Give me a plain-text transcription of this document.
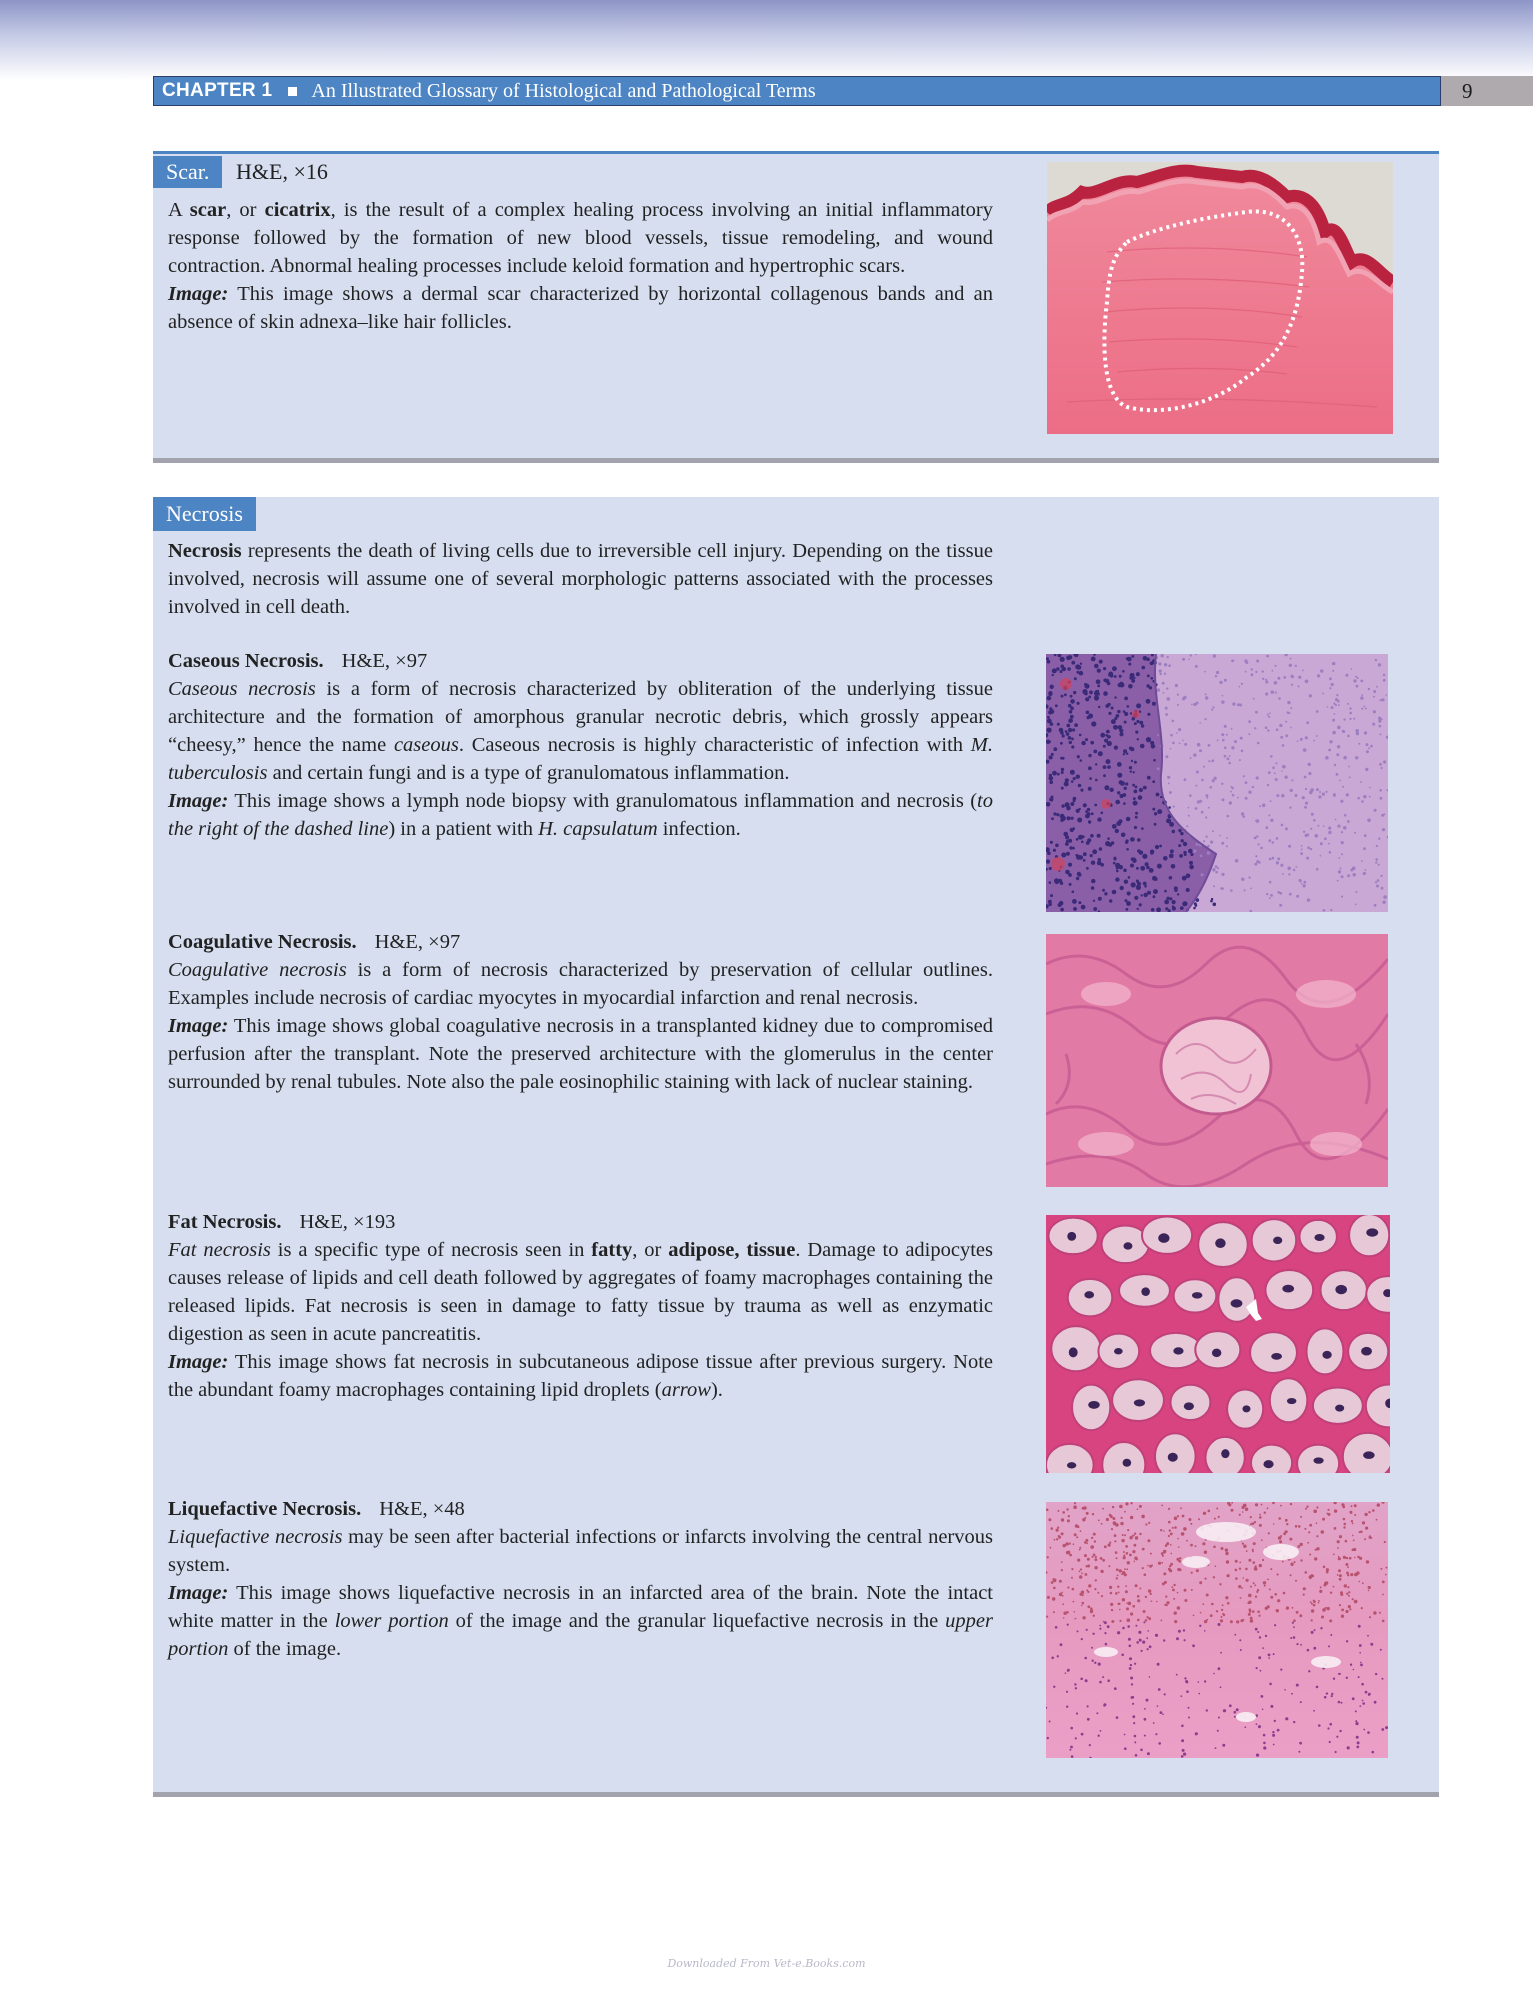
CHAPTER 1 An Illustrated Glossary of Histological and Pathological Terms	9
Scar.	H&E, ×16

A scar, or cicatrix, is the result of a complex healing process involving an initial inflammatory response followed by the formation of new blood vessels, tissue remodeling, and wound contraction. Abnormal healing processes include keloid formation and hypertrophic scars.

Image: This image shows a dermal scar characterized by horizontal collagenous bands and an absence of skin adnexa–like hair follicles.

Necrosis

Necrosis represents the death of living cells due to irreversible cell injury. Depending on the tissue involved, necrosis will assume one of several morphologic patterns associated with the processes involved in cell death.

Caseous Necrosis. H&E, ×97

Caseous necrosis is a form of necrosis characterized by obliteration of the underlying tissue architecture and the formation of amorphous granular necrotic debris, which grossly appears “cheesy,” hence the name caseous. Caseous necrosis is highly characteristic of infection with M. tuberculosis and certain fungi and is a type of granulomatous inflammation.

Image: This image shows a lymph node biopsy with granulomatous inflammation and necrosis (to the right of the dashed line) in a patient with H. capsulatum infection.

Coagulative Necrosis. H&E, ×97

Coagulative necrosis is a form of necrosis characterized by preservation of cellular outlines. Examples include necrosis of cardiac myocytes in myocardial infarction and renal necrosis.

Image: This image shows global coagulative necrosis in a transplanted kidney due to compromised perfusion after the transplant. Note the preserved architecture with the glomerulus in the center surrounded by renal tubules. Note also the pale eosinophilic staining with lack of nuclear staining.

Fat Necrosis. H&E, ×193

Fat necrosis is a specific type of necrosis seen in fatty, or adipose, tissue. Damage to adipocytes causes release of lipids and cell death followed by aggregates of foamy macrophages containing the released lipids. Fat necrosis is seen in damage to fatty tissue by trauma as well as enzymatic digestion as seen in acute pancreatitis.

Image: This image shows fat necrosis in subcutaneous adipose tissue after previous surgery. Note the abundant foamy macrophages containing lipid droplets (arrow).

Liquefactive Necrosis. H&E, ×48

Liquefactive necrosis may be seen after bacterial infections or infarcts involving the central nervous system.

Image: This image shows liquefactive necrosis in an infarcted area of the brain. Note the intact white matter in the lower portion of the image and the granular liquefactive necrosis in the upper portion of the image.

Downloaded From Vet-e.Books.com
